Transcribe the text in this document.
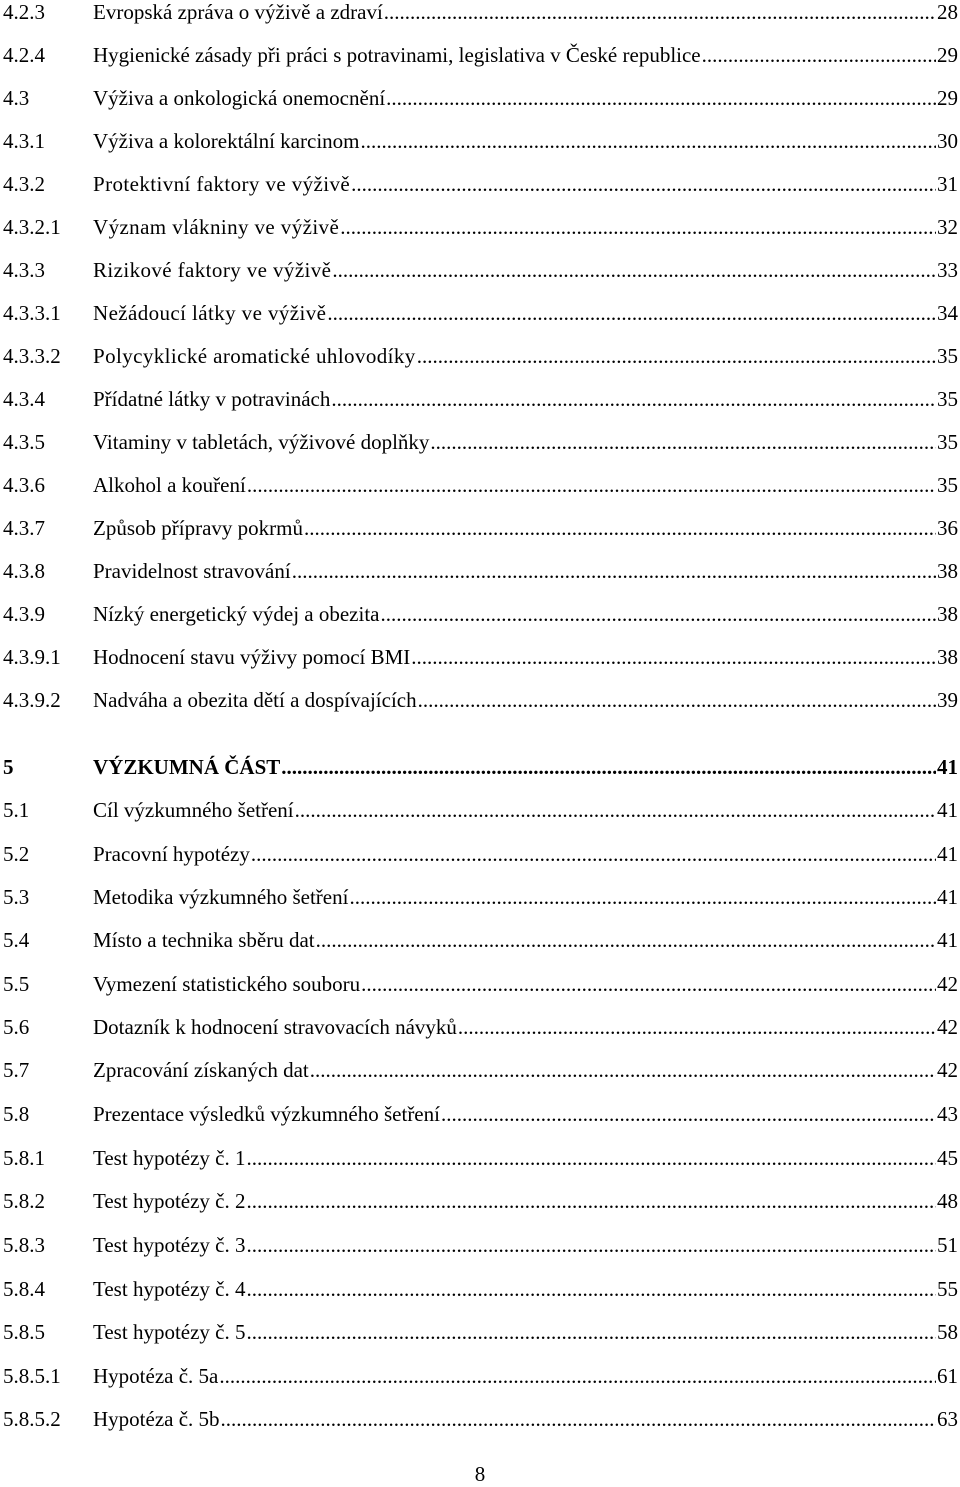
4.2.3	Evropská zpráva o výživě a zdraví .....	28
4.2.4	Hygienické zásady při práci s potravinami, legislativa v České republice .....	29
4.3	Výživa a onkologická onemocnění .....	29
4.3.1	Výživa a kolorektální karcinom .....	30
4.3.2	Protektivní faktory ve výživě .....	31
4.3.2.1	Význam vlákniny ve výživě .....	32
4.3.3	Rizikové faktory ve výživě .....	33
4.3.3.1	Nežádoucí látky ve výživě .....	34
4.3.3.2	Polycyklické aromatické uhlovodíky .....	35
4.3.4	Přídatné látky v potravinách .....	35
4.3.5	Vitaminy v tabletách, výživové doplňky .....	35
4.3.6	Alkohol a kouření .....	35
4.3.7	Způsob přípravy pokrmů .....	36
4.3.8	Pravidelnost stravování .....	38
4.3.9	Nízký energetický výdej a obezita .....	38
4.3.9.1	Hodnocení stavu výživy pomocí BMI .....	38
4.3.9.2	Nadváha a obezita dětí a dospívajících .....	39
5	VÝZKUMNÁ ČÁST .....	41
5.1	Cíl výzkumného šetření .....	41
5.2	Pracovní hypotézy .....	41
5.3	Metodika výzkumného šetření .....	41
5.4	Místo a technika sběru dat .....	41
5.5	Vymezení statistického souboru .....	42
5.6	Dotazník k hodnocení stravovacích návyků .....	42
5.7	Zpracování získaných dat .....	42
5.8	Prezentace výsledků výzkumného šetření .....	43
5.8.1	Test hypotézy č. 1 .....	45
5.8.2	Test hypotézy č. 2 .....	48
5.8.3	Test hypotézy č. 3 .....	51
5.8.4	Test hypotézy č. 4 .....	55
5.8.5	Test hypotézy č. 5 .....	58
5.8.5.1	Hypotéza č. 5a .....	61
5.8.5.2	Hypotéza č. 5b .....	63
8
